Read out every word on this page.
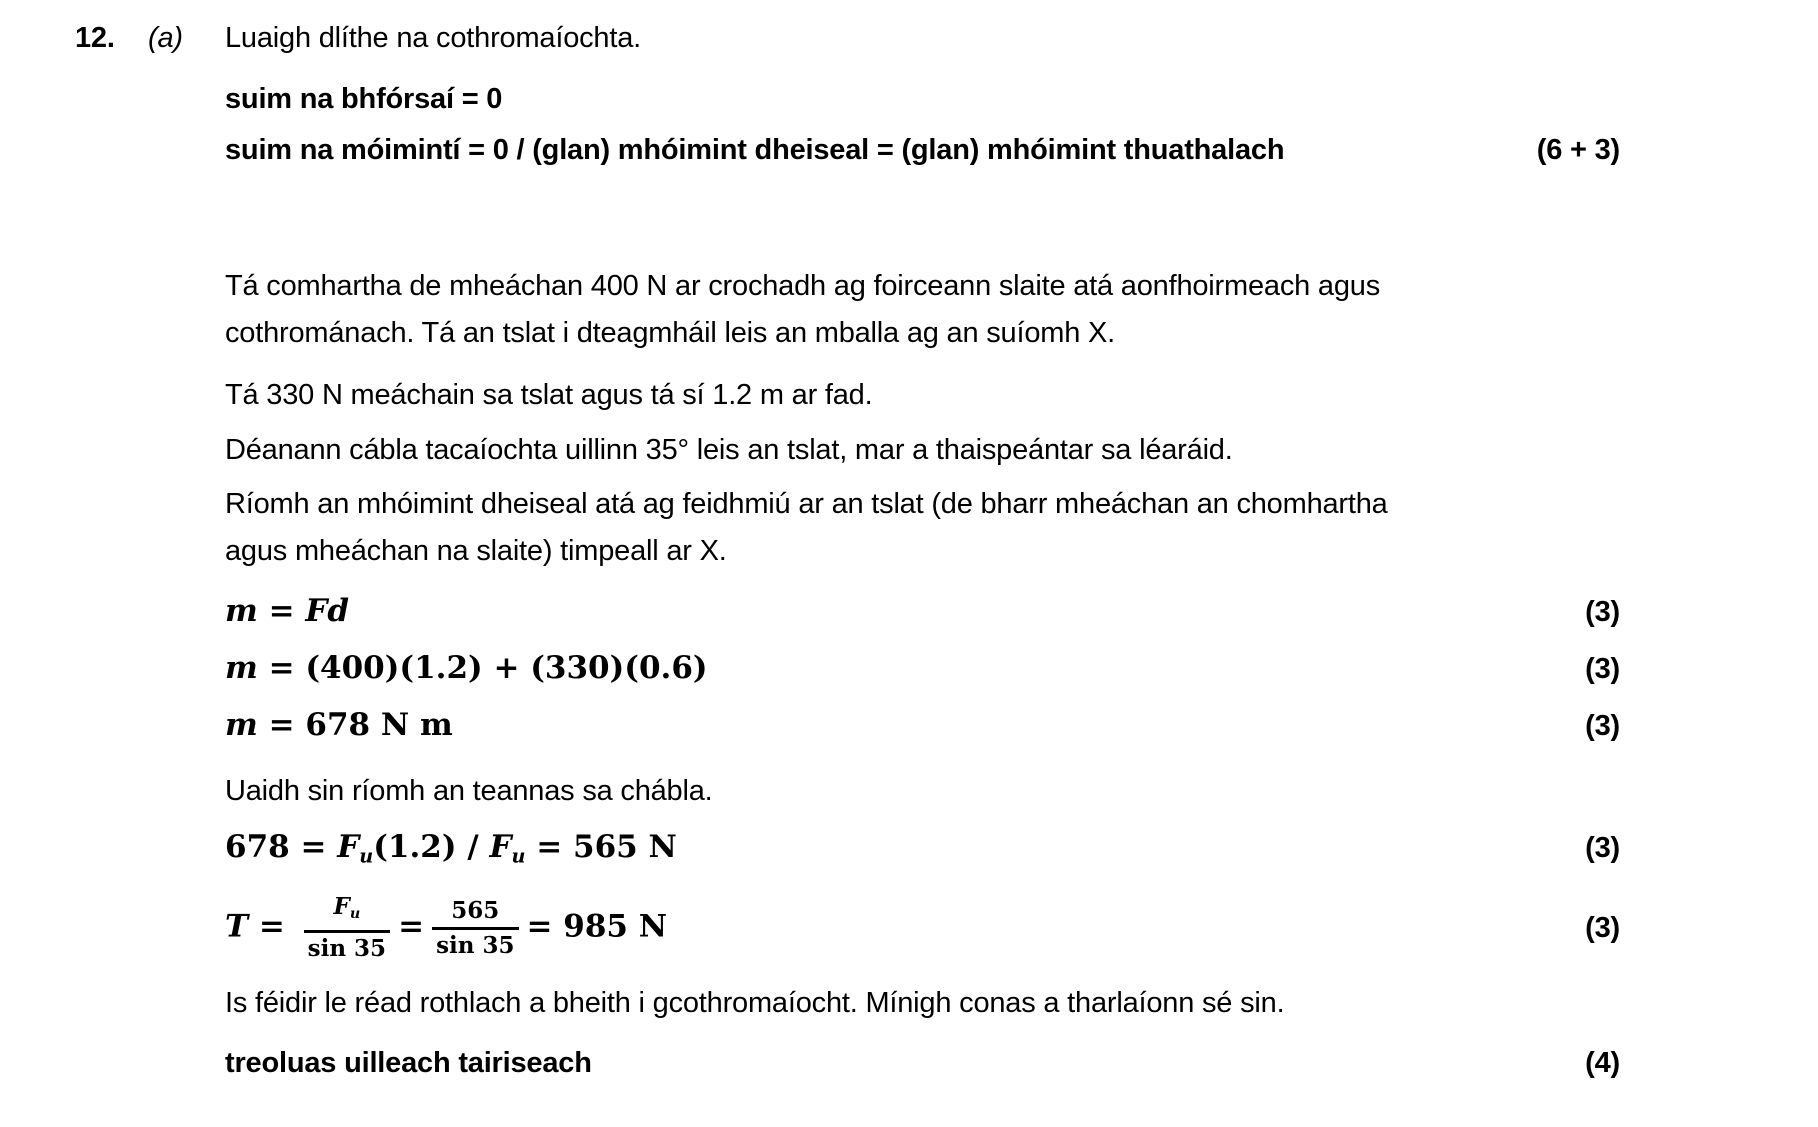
12.	(a)	Luaigh dlíthe na cothromaíochta.
suim na bhfórsaí = 0
suim na móimintí = 0 / (glan) mhóimint dheiseal = (glan) mhóimint thuathalach	(6 + 3)
Tá comhartha de mheáchan 400 N ar crochadh ag foirceann slaite atá aonfhoirmeach agus cothrománach. Tá an tslat i dteagmháil leis an mballa ag an suíomh X.
Tá 330 N meáchain sa tslat agus tá sí 1.2 m ar fad.
Déanann cábla tacaíochta uillinn 35° leis an tslat, mar a thaispeántar sa léaráid.
Ríomh an mhóimint dheiseal atá ag feidhmiú ar an tslat (de bharr mheáchan an chomhartha agus mheáchan na slaite) timpeall ar X.
m = Fd	(3)
m = (400)(1.2) + (330)(0.6)	(3)
m = 678 N m	(3)
Uaidh sin ríomh an teannas sa chábla.
678 = Fu(1.2) / Fu = 565 N	(3)
$T = \frac{Fu}{\sin 35} = \frac{565}{\sin 35} = 985$ N	(3)
Is féidir le réad rothlach a bheith i gcothromaíocht. Mínigh conas a tharlaíonn sé sin.
treoluas uilleach tairiseach	(4)
